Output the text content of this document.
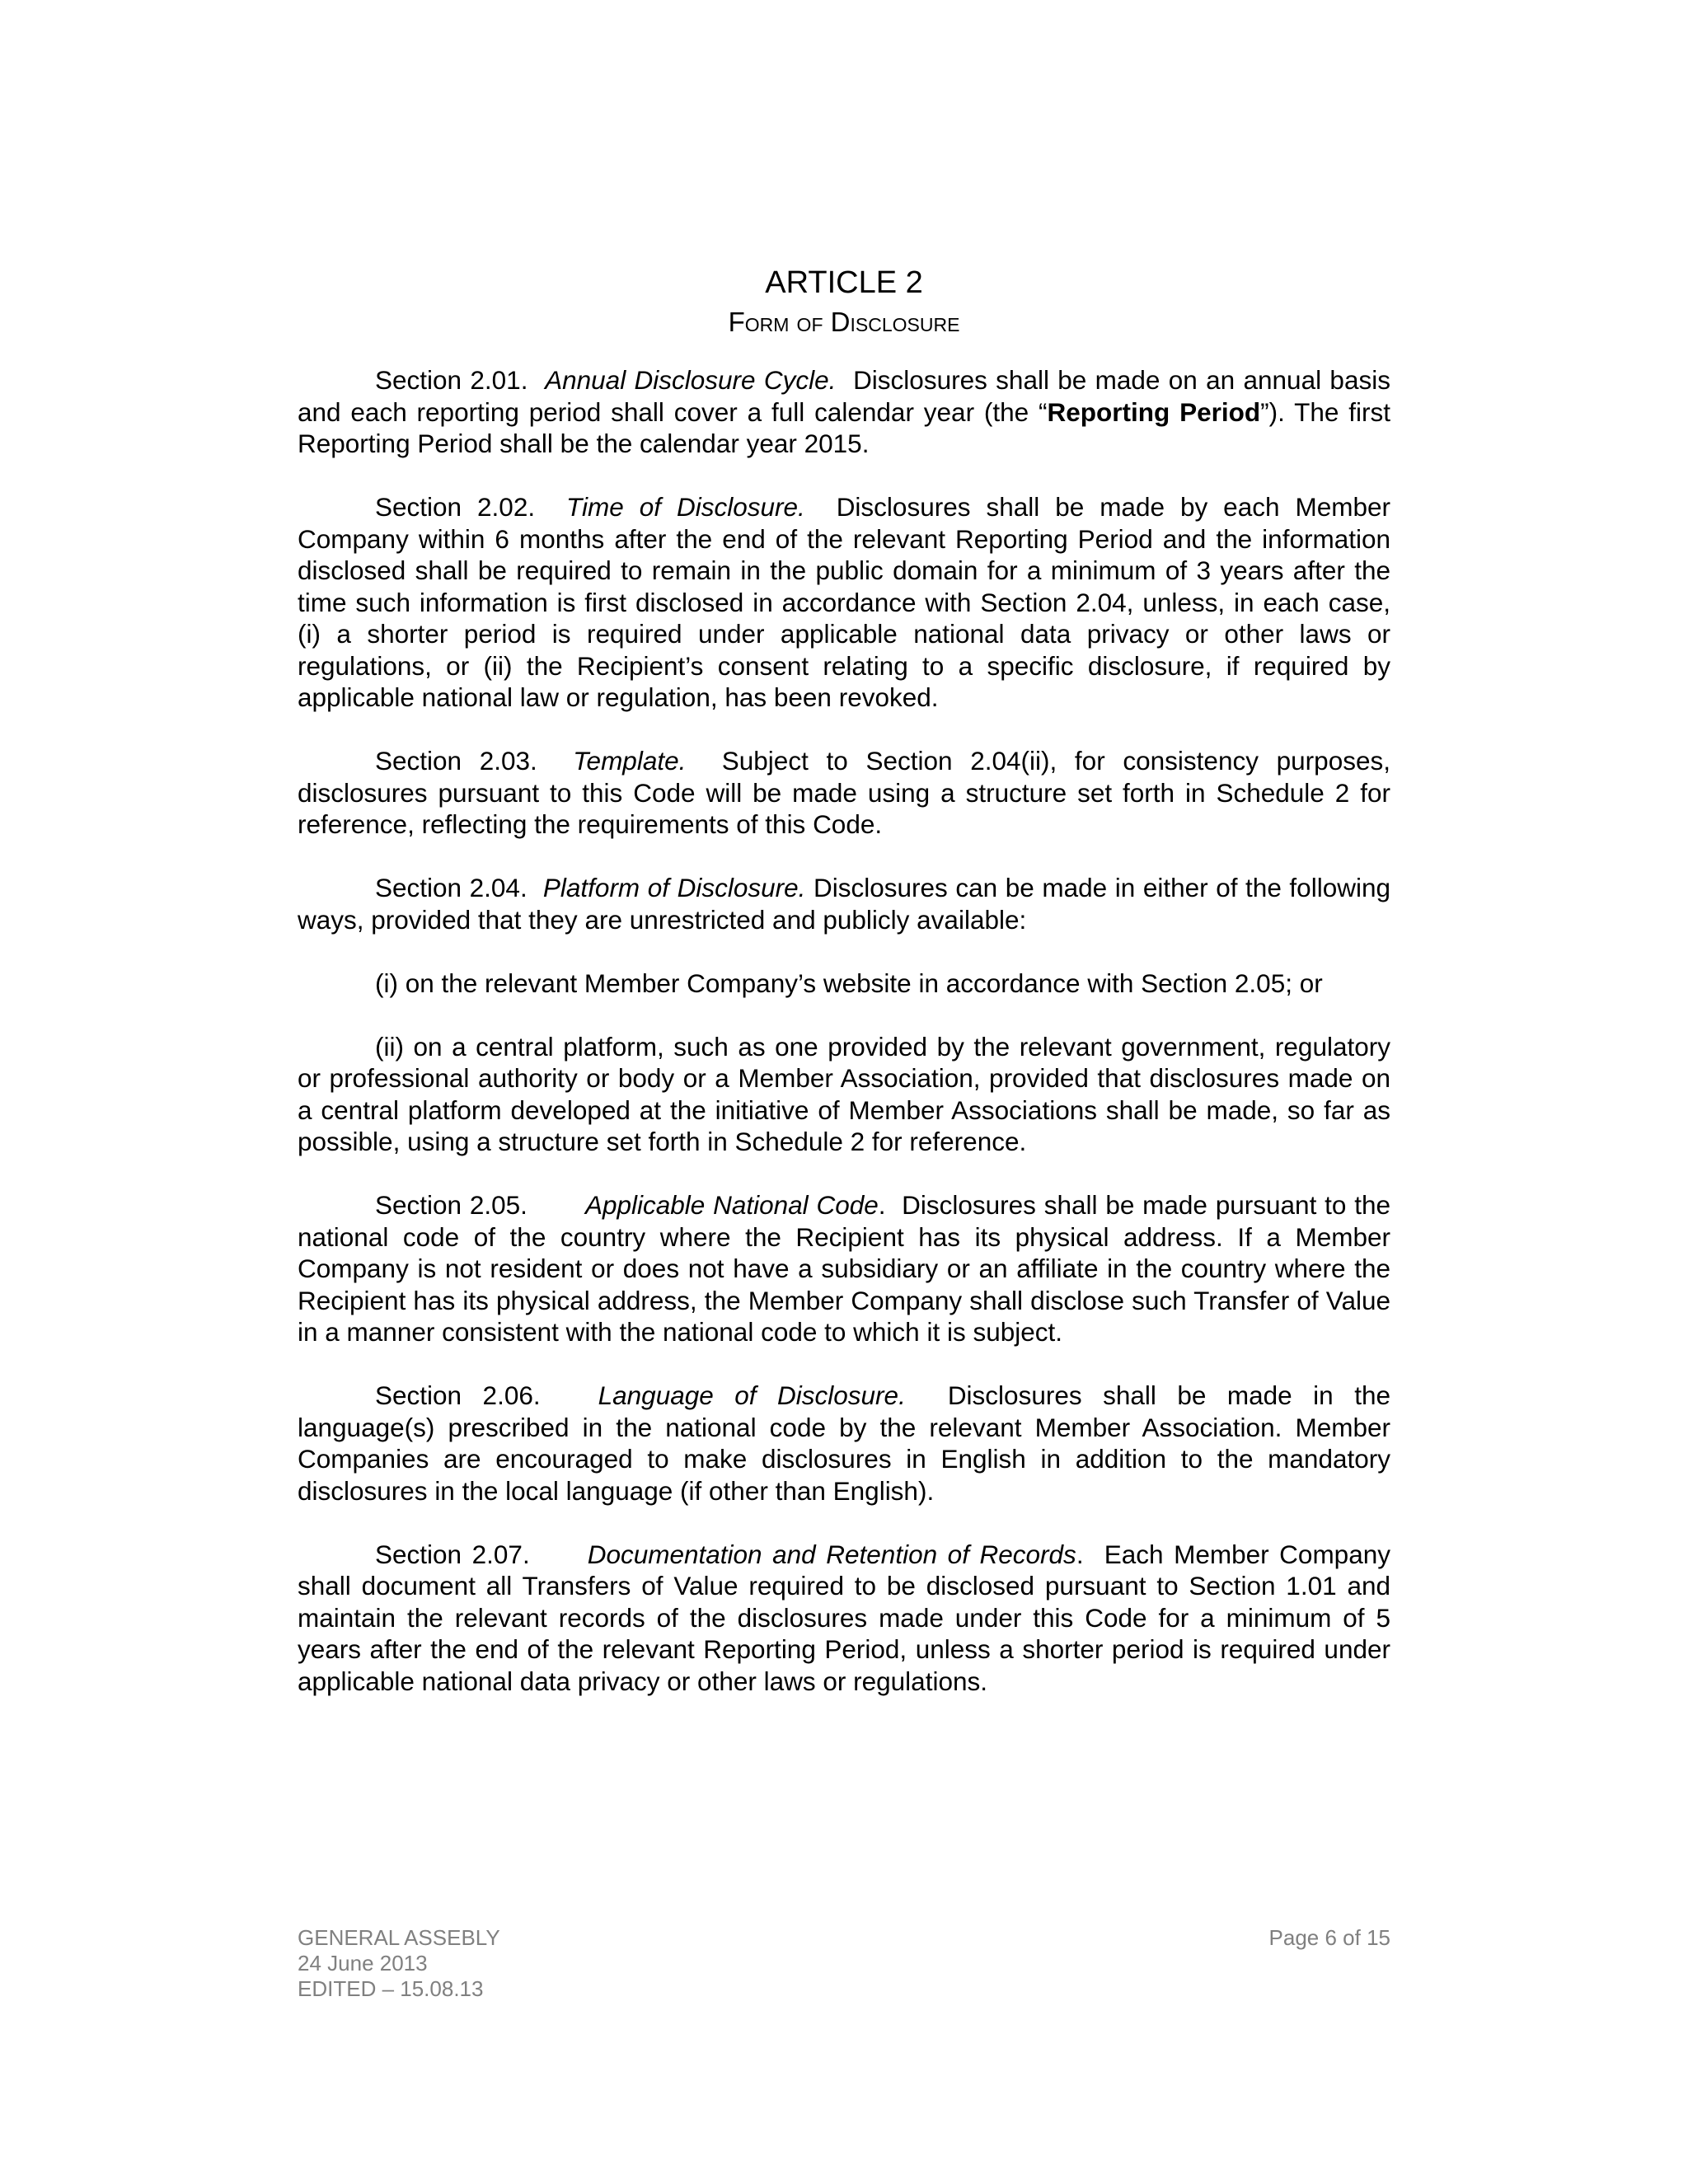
ARTICLE 2
Form of Disclosure

Section 2.01. Annual Disclosure Cycle. Disclosures shall be made on an annual basis and each reporting period shall cover a full calendar year (the “Reporting Period”). The first Reporting Period shall be the calendar year 2015.

Section 2.02. Time of Disclosure. Disclosures shall be made by each Member Company within 6 months after the end of the relevant Reporting Period and the information disclosed shall be required to remain in the public domain for a minimum of 3 years after the time such information is first disclosed in accordance with Section 2.04, unless, in each case, (i) a shorter period is required under applicable national data privacy or other laws or regulations, or (ii) the Recipient’s consent relating to a specific disclosure, if required by applicable national law or regulation, has been revoked.

Section 2.03. Template. Subject to Section 2.04(ii), for consistency purposes, disclosures pursuant to this Code will be made using a structure set forth in Schedule 2 for reference, reflecting the requirements of this Code.

Section 2.04. Platform of Disclosure. Disclosures can be made in either of the following ways, provided that they are unrestricted and publicly available:

(i) on the relevant Member Company’s website in accordance with Section 2.05; or

(ii) on a central platform, such as one provided by the relevant government, regulatory or professional authority or body or a Member Association, provided that disclosures made on a central platform developed at the initiative of Member Associations shall be made, so far as possible, using a structure set forth in Schedule 2 for reference.

Section 2.05. Applicable National Code. Disclosures shall be made pursuant to the national code of the country where the Recipient has its physical address. If a Member Company is not resident or does not have a subsidiary or an affiliate in the country where the Recipient has its physical address, the Member Company shall disclose such Transfer of Value in a manner consistent with the national code to which it is subject.

Section 2.06. Language of Disclosure. Disclosures shall be made in the language(s) prescribed in the national code by the relevant Member Association. Member Companies are encouraged to make disclosures in English in addition to the mandatory disclosures in the local language (if other than English).

Section 2.07. Documentation and Retention of Records. Each Member Company shall document all Transfers of Value required to be disclosed pursuant to Section 1.01 and maintain the relevant records of the disclosures made under this Code for a minimum of 5 years after the end of the relevant Reporting Period, unless a shorter period is required under applicable national data privacy or other laws or regulations.

GENERAL ASSEBLY
24 June 2013
EDITED – 15.08.13
Page 6 of 15
